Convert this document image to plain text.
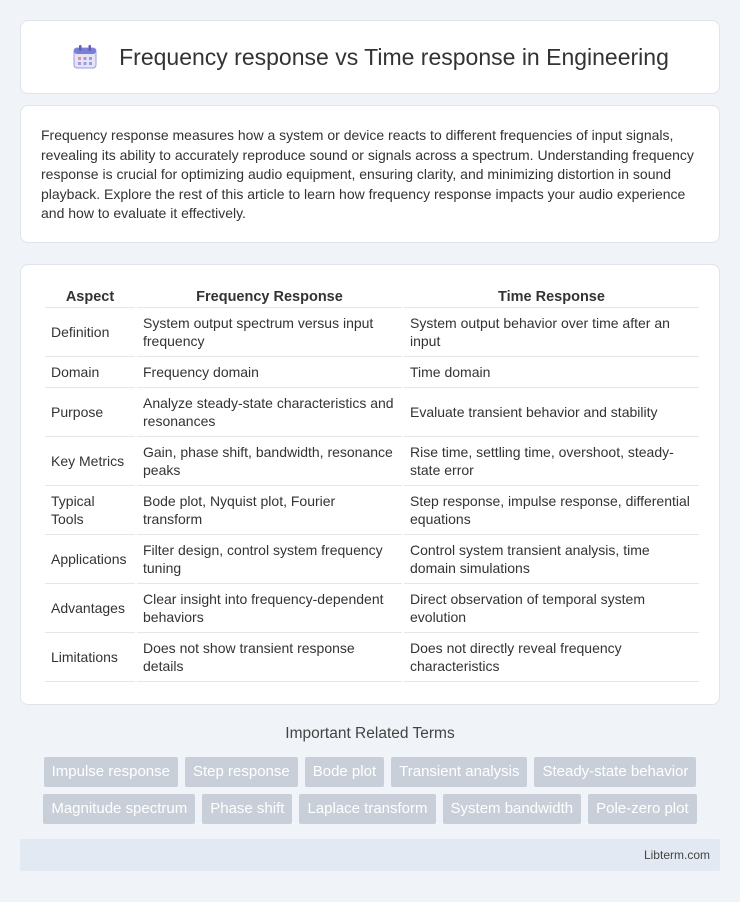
Frequency response vs Time response in Engineering

Frequency response measures how a system or device reacts to different frequencies of input signals, revealing its ability to accurately reproduce sound or signals across a spectrum. Understanding frequency response is crucial for optimizing audio equipment, ensuring clarity, and minimizing distortion in sound playback. Explore the rest of this article to learn how frequency response impacts your audio experience and how to evaluate it effectively.

Aspect	Frequency Response	Time Response
Definition	System output spectrum versus input frequency	System output behavior over time after an input
Domain	Frequency domain	Time domain
Purpose	Analyze steady-state characteristics and resonances	Evaluate transient behavior and stability
Key Metrics	Gain, phase shift, bandwidth, resonance peaks	Rise time, settling time, overshoot, steady-state error
Typical Tools	Bode plot, Nyquist plot, Fourier transform	Step response, impulse response, differential equations
Applications	Filter design, control system frequency tuning	Control system transient analysis, time domain simulations
Advantages	Clear insight into frequency-dependent behaviors	Direct observation of temporal system evolution
Limitations	Does not show transient response details	Does not directly reveal frequency characteristics
Important Related Terms
Impulse response	Step response	Bode plot	Transient analysis	Steady-state behavior
Magnitude spectrum	Phase shift	Laplace transform	System bandwidth	Pole-zero plot
Libterm.com
